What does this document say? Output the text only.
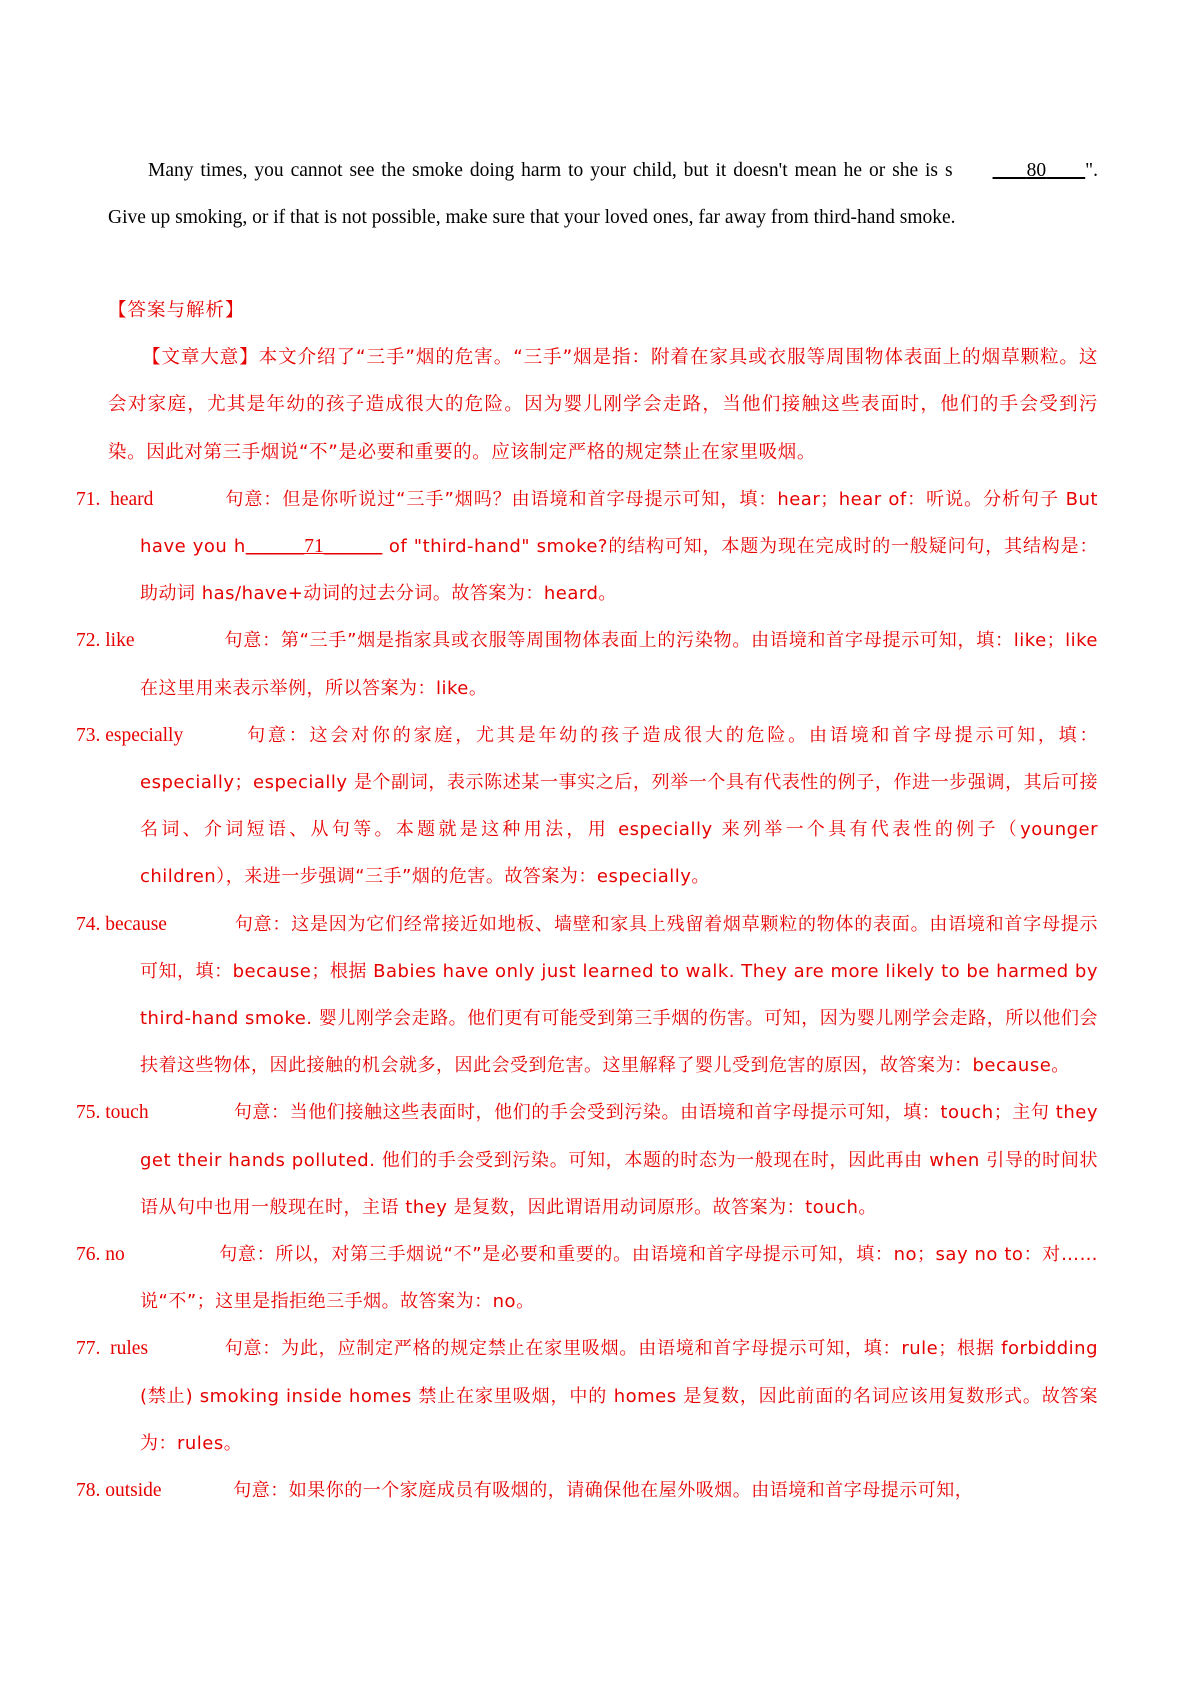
Many times, you cannot see the smoke doing harm to your child, but it doesn't mean he or she is s	80 ". Give up smoking, or if that is not possible, make sure that your loved ones, far away from third-hand smoke.

【答案与解析】

【文章大意】本文介绍了“三手”烟的危害。“三手”烟是指：附着在家具或衣服等周围物体表面上的烟草颗粒。这会对家庭，尤其是年幼的孩子造成很大的危险。因为婴儿刚学会走路，当他们接触这些表面时，他们的手会受到污染。因此对第三手烟说“不”是必要和重要的。应该制定严格的规定禁止在家里吸烟。

71. heard	句意：但是你听说过“三手”烟吗？由语境和首字母提示可知，填：hear；hear of：听说。分析句子 But have you h______71______ of "third-hand" smoke?的结构可知，本题为现在完成时的一般疑问句，其结构是：助动词 has/have+动词的过去分词。故答案为：heard。

72. like	句意：第“三手”烟是指家具或衣服等周围物体表面上的污染物。由语境和首字母提示可知，填：like；like 在这里用来表示举例，所以答案为：like。

73. especially	句意：这会对你的家庭，尤其是年幼的孩子造成很大的危险。由语境和首字母提示可知，填：especially；especially 是个副词，表示陈述某一事实之后，列举一个具有代表性的例子，作进一步强调，其后可接名词、介词短语、从句等。本题就是这种用法，用 especially 来列举一个具有代表性的例子（younger children），来进一步强调“三手”烟的危害。故答案为：especially。

74. because	句意：这是因为它们经常接近如地板、墙壁和家具上残留着烟草颗粒的物体的表面。由语境和首字母提示可知，填：because；根据 Babies have only just learned to walk. They are more likely to be harmed by third-hand smoke. 婴儿刚学会走路。他们更有可能受到第三手烟的伤害。可知，因为婴儿刚学会走路，所以他们会扶着这些物体，因此接触的机会就多，因此会受到危害。这里解释了婴儿受到危害的原因，故答案为：because。

75. touch	句意：当他们接触这些表面时，他们的手会受到污染。由语境和首字母提示可知，填：touch；主句 they get their hands polluted. 他们的手会受到污染。可知，本题的时态为一般现在时，因此再由 when 引导的时间状语从句中也用一般现在时，主语 they 是复数，因此谓语用动词原形。故答案为：touch。

76. no	句意：所以，对第三手烟说“不”是必要和重要的。由语境和首字母提示可知，填：no；say no to：对……说“不”；这里是指拒绝三手烟。故答案为：no。

77. rules	句意：为此，应制定严格的规定禁止在家里吸烟。由语境和首字母提示可知，填：rule；根据 forbidding (禁止) smoking inside homes 禁止在家里吸烟，中的 homes 是复数，因此前面的名词应该用复数形式。故答案为：rules。

78. outside	句意：如果你的一个家庭成员有吸烟的，请确保他在屋外吸烟。由语境和首字母提示可知，
